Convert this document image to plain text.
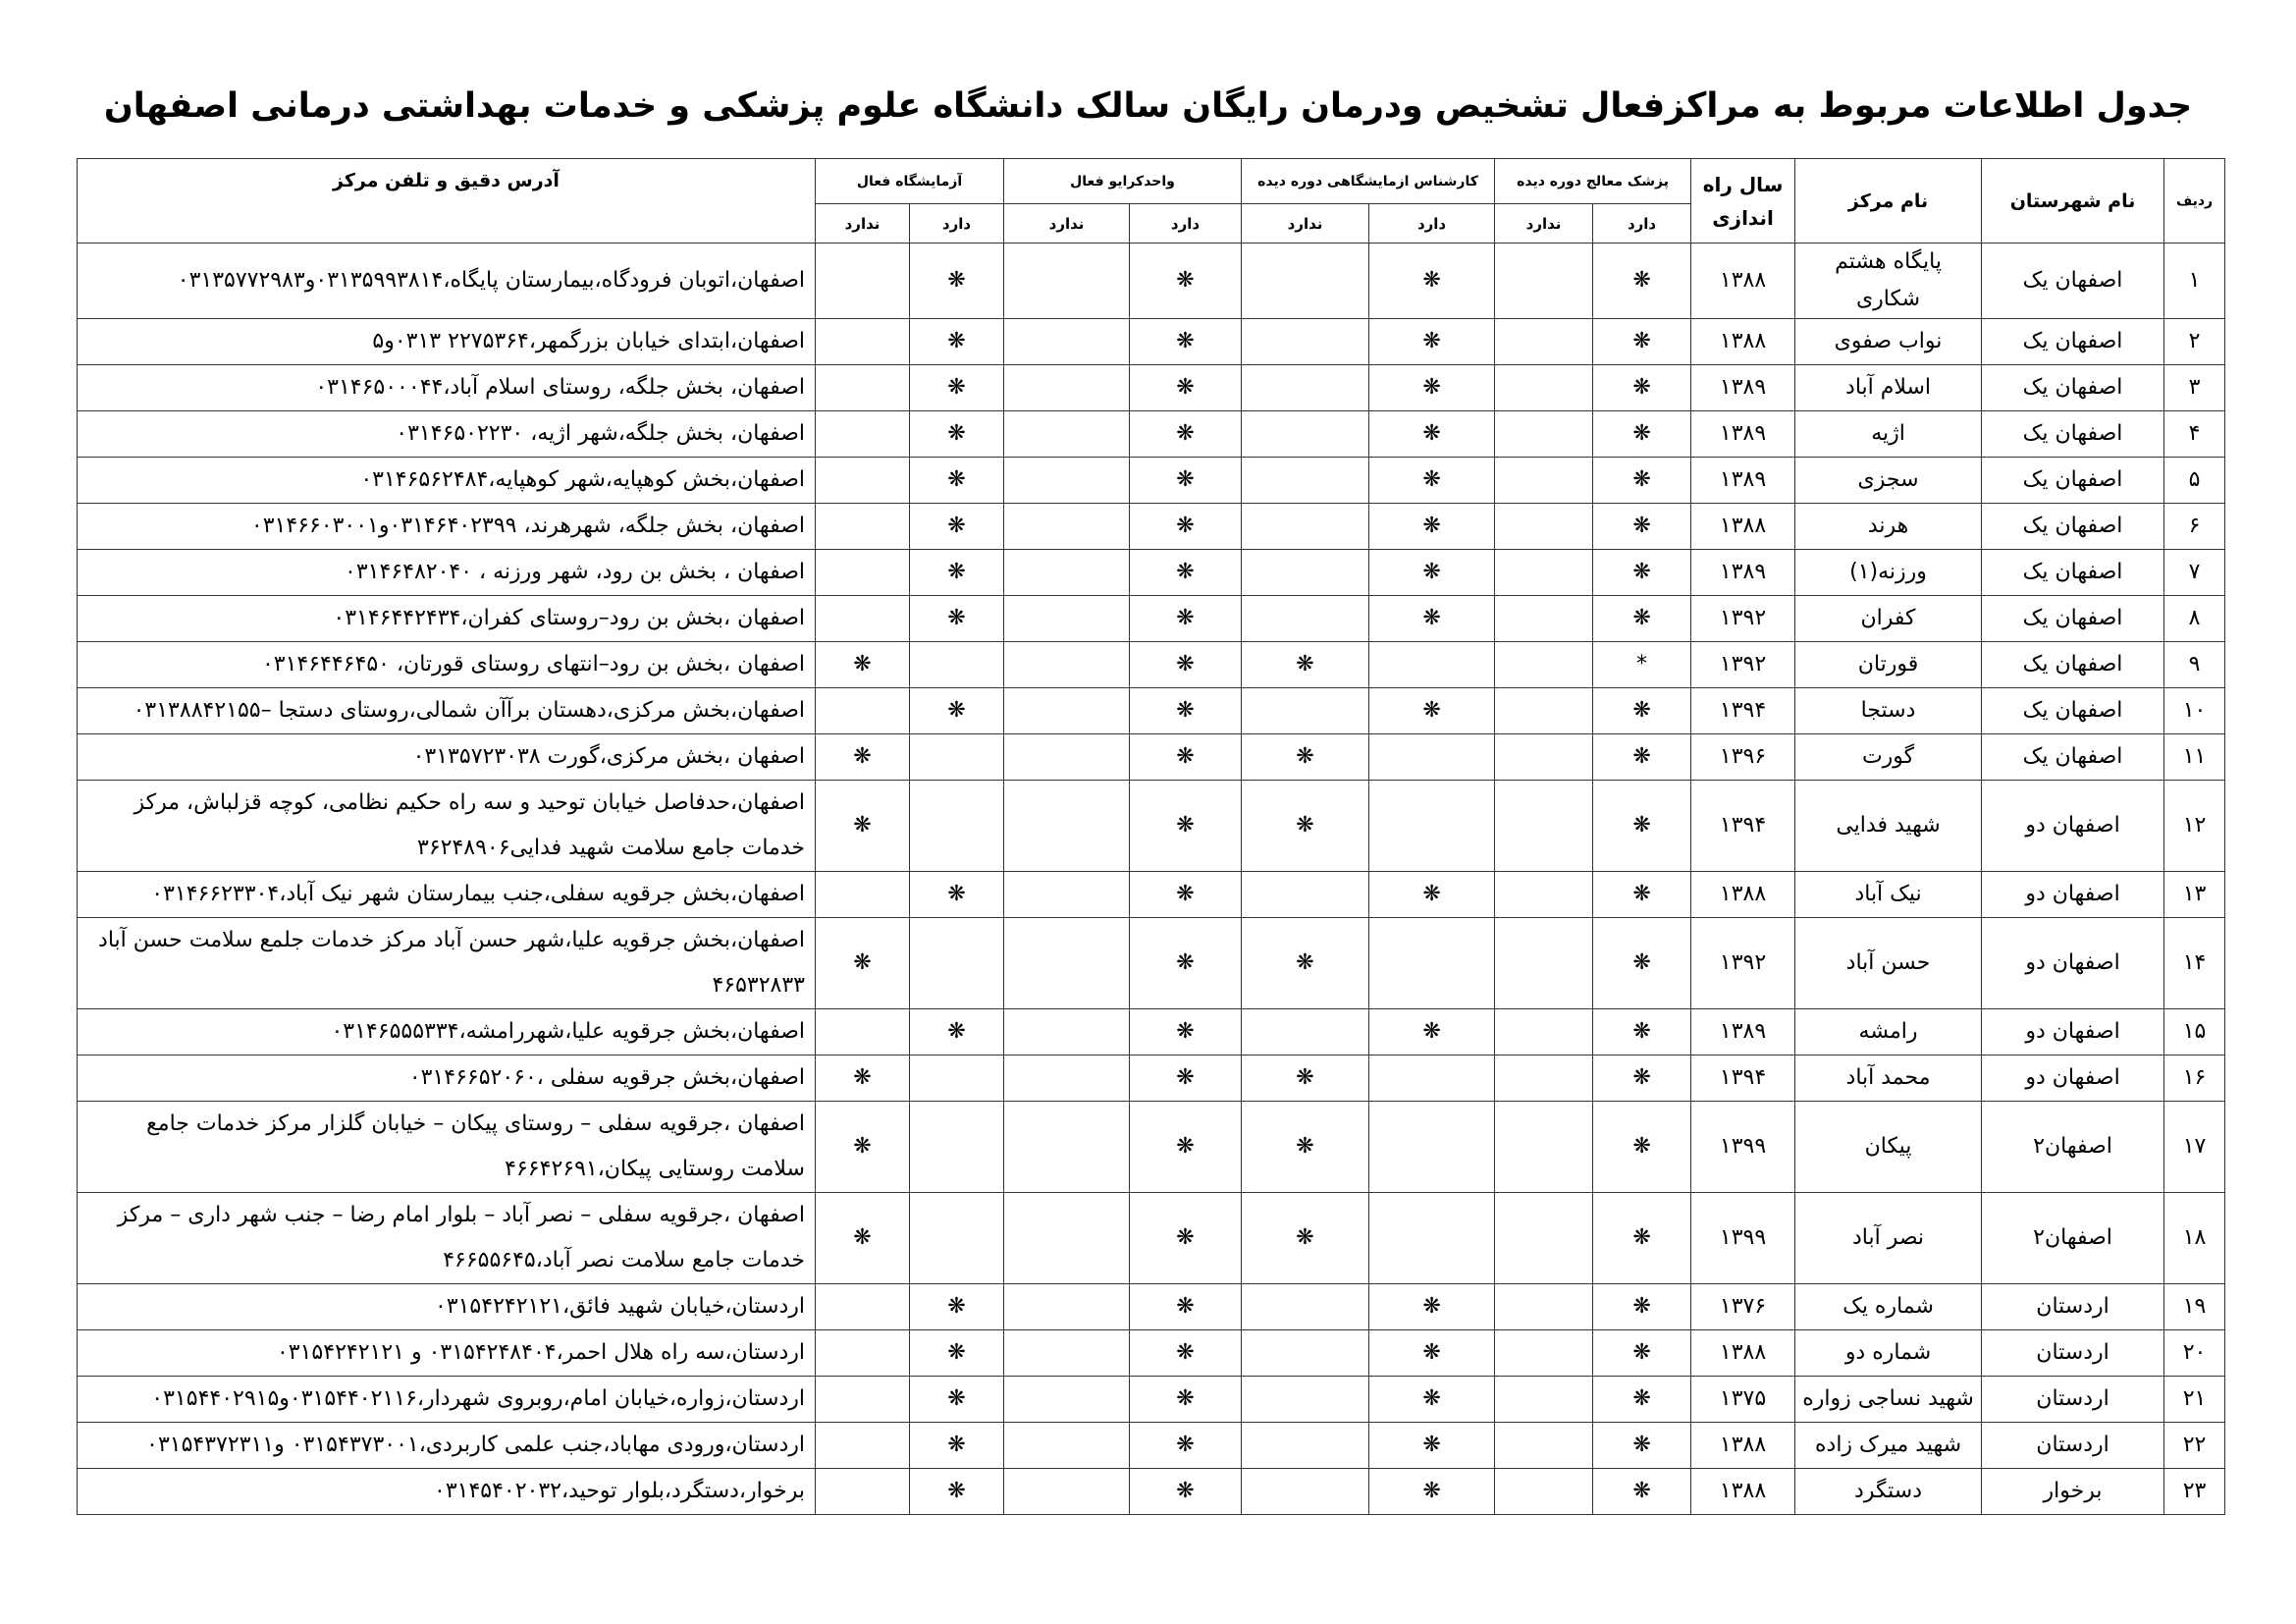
جدول اطلاعات مربوط به مراکزفعال تشخیص ودرمان رایگان سالک دانشگاه علوم پزشکی و خدمات بهداشتی درمانی اصفهان
ردیف	نام شهرستان	نام مرکز	سال راه اندازی	پزشک معالج دوره دیده		کارشناس ازمایشگاهی دوره دیده		واحدکرایو فعال		آزمایشگاه فعال		آدرس دقیق و تلفن مرکز
				دارد	ندارد	دارد	ندارد	دارد	ندارد	دارد	ندارد	
۱	اصفهان یک	پایگاه هشتم شکاری	۱۳۸۸	❋		❋		❋		❋		اصفهان،اتوبان فرودگاه،بیمارستان پایگاه،۰۳۱۳۵۹۹۳۸۱۴و۰۳۱۳۵۷۷۲۹۸۳
۲	اصفهان یک	نواب صفوی	۱۳۸۸	❋		❋		❋		❋		اصفهان،ابتدای خیابان بزرگمهر،۲۲۷۵۳۶۴ ۰۳۱۳و۵
۳	اصفهان یک	اسلام آباد	۱۳۸۹	❋		❋		❋		❋		اصفهان، بخش جلگه، روستای اسلام آباد،۰۳۱۴۶۵۰۰۰۴۴
۴	اصفهان یک	اژیه	۱۳۸۹	❋		❋		❋		❋		اصفهان، بخش جلگه،شهر اژیه، ۰۳۱۴۶۵۰۲۲۳۰
۵	اصفهان یک	سجزی	۱۳۸۹	❋		❋		❋		❋		اصفهان،بخش کوهپایه،شهر کوهپایه،۰۳۱۴۶۵۶۲۴۸۴
۶	اصفهان یک	هرند	۱۳۸۸	❋		❋		❋		❋		اصفهان، بخش جلگه، شهرهرند، ۰۳۱۴۶۴۰۲۳۹۹و۰۳۱۴۶۶۰۳۰۰۱
۷	اصفهان یک	ورزنه(۱)	۱۳۸۹	❋		❋		❋		❋		اصفهان ، بخش بن رود، شهر ورزنه ، ۰۳۱۴۶۴۸۲۰۴۰
۸	اصفهان یک	کفران	۱۳۹۲	❋		❋		❋		❋		اصفهان ،بخش بن رود–روستای کفران،۰۳۱۴۶۴۴۲۴۳۴
۹	اصفهان یک	قورتان	۱۳۹۲	*			❋	❋			❋	اصفهان ،بخش بن رود–انتهای روستای قورتان، ۰۳۱۴۶۴۴۶۴۵۰
۱۰	اصفهان یک	دستجا	۱۳۹۴	❋		❋		❋		❋		اصفهان،بخش مرکزی،دهستان برآآن شمالی،روستای دستجا –۰۳۱۳۸۸۴۲۱۵۵
۱۱	اصفهان یک	گورت	۱۳۹۶	❋			❋	❋			❋	اصفهان ،بخش مرکزی،گورت ۰۳۱۳۵۷۲۳۰۳۸
۱۲	اصفهان دو	شهید فدایی	۱۳۹۴	❋			❋	❋			❋	اصفهان،حدفاصل خیابان توحید و سه راه حکیم نظامی، کوچه قزلباش، مرکز خدمات جامع سلامت شهید فدایی۳۶۲۴۸۹۰۶
۱۳	اصفهان دو	نیک آباد	۱۳۸۸	❋		❋		❋		❋		اصفهان،بخش جرقویه سفلی،جنب بیمارستان شهر نیک آباد،۰۳۱۴۶۶۲۳۳۰۴
۱۴	اصفهان دو	حسن آباد	۱۳۹۲	❋			❋	❋			❋	اصفهان،بخش جرقویه علیا،شهر حسن آباد مرکز خدمات جلمع سلامت حسن آباد ۴۶۵۳۲۸۳۳
۱۵	اصفهان دو	رامشه	۱۳۸۹	❋		❋		❋		❋		اصفهان،بخش جرقویه علیا،شهررامشه،۰۳۱۴۶۵۵۵۳۳۴
۱۶	اصفهان دو	محمد آباد	۱۳۹۴	❋			❋	❋			❋	اصفهان،بخش جرقویه سفلی ،۰۳۱۴۶۶۵۲۰۶۰
۱۷	اصفهان۲	پیکان	۱۳۹۹	❋			❋	❋			❋	اصفهان ،جرقویه سفلی – روستای پیکان – خیابان گلزار مرکز خدمات جامع سلامت روستایی پیکان،۴۶۶۴۲۶۹۱
۱۸	اصفهان۲	نصر آباد	۱۳۹۹	❋			❋	❋			❋	اصفهان ،جرقویه سفلی – نصر آباد – بلوار امام رضا – جنب شهر داری – مرکز خدمات جامع سلامت نصر آباد،۴۶۶۵۵۶۴۵
۱۹	اردستان	شماره یک	۱۳۷۶	❋		❋		❋		❋		اردستان،خیابان شهید فائق،۰۳۱۵۴۲۴۲۱۲۱
۲۰	اردستان	شماره دو	۱۳۸۸	❋		❋		❋		❋		اردستان،سه راه هلال احمر،۰۳۱۵۴۲۴۸۴۰۴ و ۰۳۱۵۴۲۴۲۱۲۱
۲۱	اردستان	شهید نساجی زواره	۱۳۷۵	❋		❋		❋		❋		اردستان،زواره،خیابان امام،روبروی شهردار،۰۳۱۵۴۴۰۲۱۱۶و۰۳۱۵۴۴۰۲۹۱۵
۲۲	اردستان	شهید میرک زاده	۱۳۸۸	❋		❋		❋		❋		اردستان،ورودی مهاباد،جنب علمی کاربردی،۰۳۱۵۴۳۷۳۰۰۱ و۰۳۱۵۴۳۷۲۳۱۱
۲۳	برخوار	دستگرد	۱۳۸۸	❋		❋		❋		❋		برخوار،دستگرد،بلوار توحید،۰۳۱۴۵۴۰۲۰۳۲
